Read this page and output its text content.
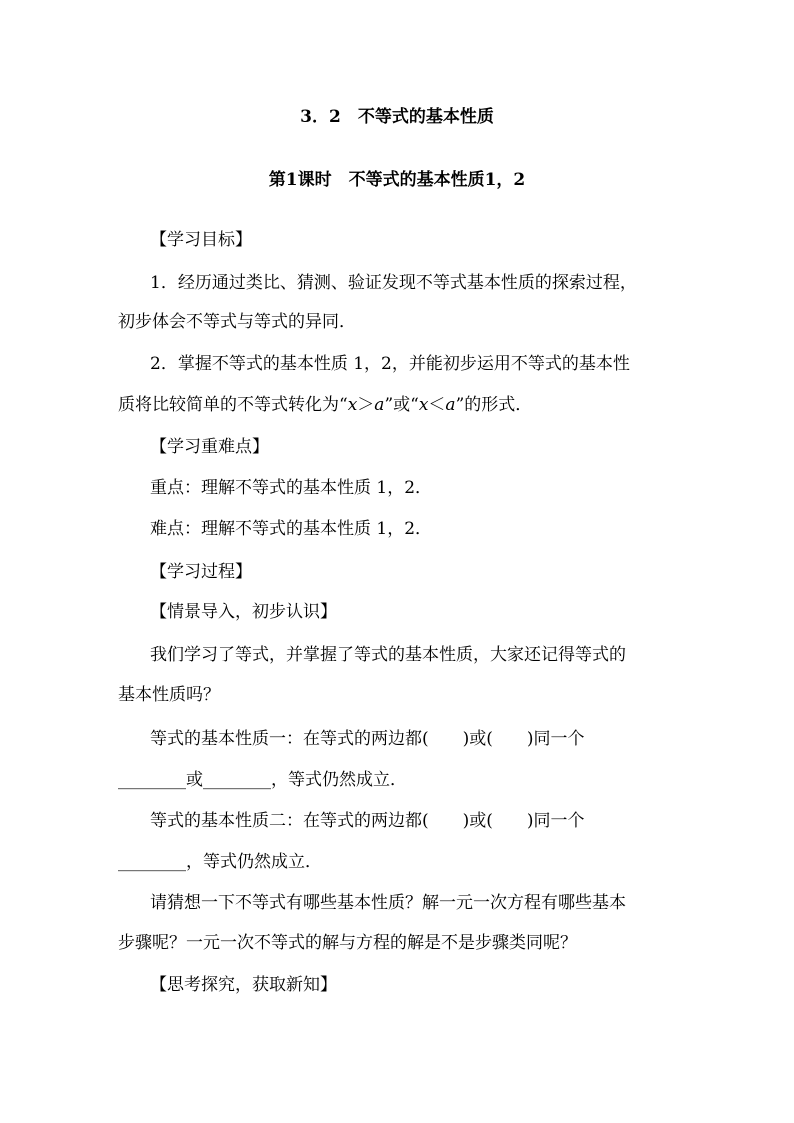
3．2　不等式的基本性质
第1课时　不等式的基本性质1，2
【学习目标】
1．经历通过类比、猜测、验证发现不等式基本性质的探索过程，
初步体会不等式与等式的异同．
2．掌握不等式的基本性质 1，2，并能初步运用不等式的基本性
质将比较简单的不等式转化为“x＞a”或“x＜a”的形式．
【学习重难点】
重点：理解不等式的基本性质 1，2．
难点：理解不等式的基本性质 1，2．
【学习过程】
【情景导入，初步认识】
我们学习了等式，并掌握了等式的基本性质，大家还记得等式的
基本性质吗？
等式的基本性质一：在等式的两边都(　　)或(　　)同一个
________或________，等式仍然成立．
等式的基本性质二：在等式的两边都(　　)或(　　)同一个
________，等式仍然成立．
请猜想一下不等式有哪些基本性质？解一元一次方程有哪些基本
步骤呢？一元一次不等式的解与方程的解是不是步骤类同呢？
【思考探究，获取新知】
